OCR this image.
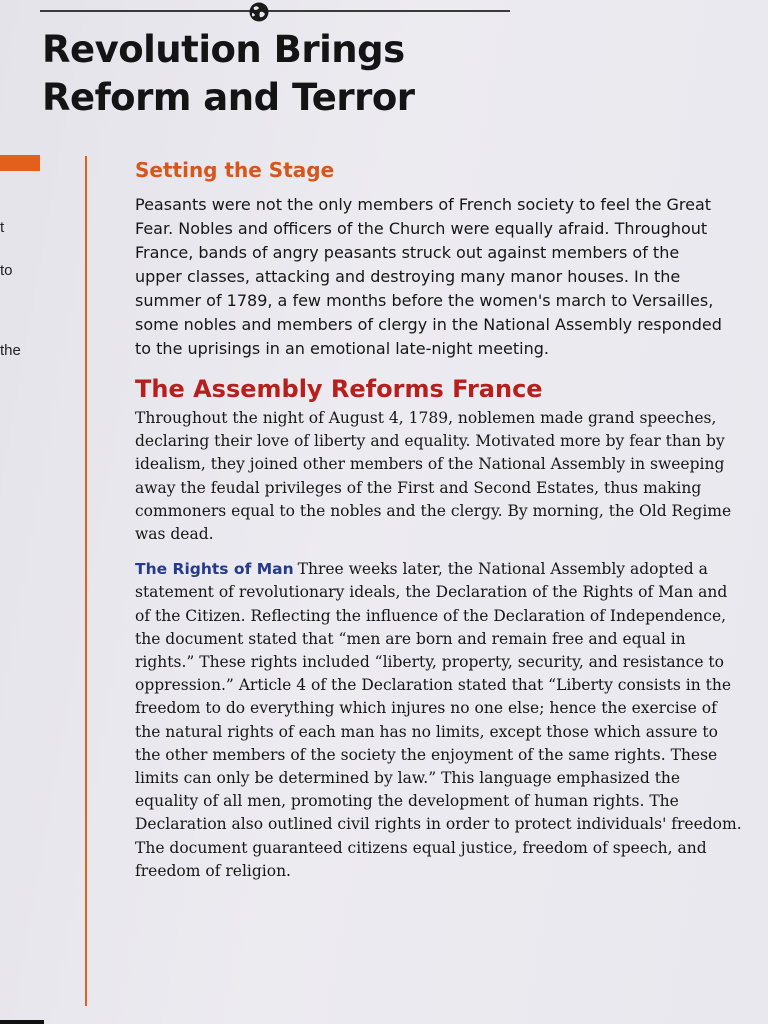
Revolution Brings
Reform and Terror
t
to
the
Setting the Stage

Peasants were not the only members of French society to feel the Great Fear. Nobles and officers of the Church were equally afraid. Throughout France, bands of angry peasants struck out against members of the upper classes, attacking and destroying many manor houses. In the summer of 1789, a few months before the women's march to Versailles, some nobles and members of clergy in the National Assembly responded to the uprisings in an emotional late-night meeting.

The Assembly Reforms France

Throughout the night of August 4, 1789, noblemen made grand speeches, declaring their love of liberty and equality. Motivated more by fear than by idealism, they joined other members of the National Assembly in sweeping away the feudal privileges of the First and Second Estates, thus making commoners equal to the nobles and the clergy. By morning, the Old Regime was dead.

The Rights of Man Three weeks later, the National Assembly adopted a statement of revolutionary ideals, the Declaration of the Rights of Man and of the Citizen. Reflecting the influence of the Declaration of Independence, the document stated that “men are born and remain free and equal in rights.” These rights included “liberty, property, security, and resistance to oppression.” Article 4 of the Declaration stated that “Liberty consists in the freedom to do everything which injures no one else; hence the exercise of the natural rights of each man has no limits, except those which assure to the other members of the society the enjoyment of the same rights. These limits can only be determined by law.” This language emphasized the equality of all men, promoting the development of human rights. The Declaration also outlined civil rights in order to protect individuals' freedom. The document guaranteed citizens equal justice, freedom of speech, and freedom of religion.
